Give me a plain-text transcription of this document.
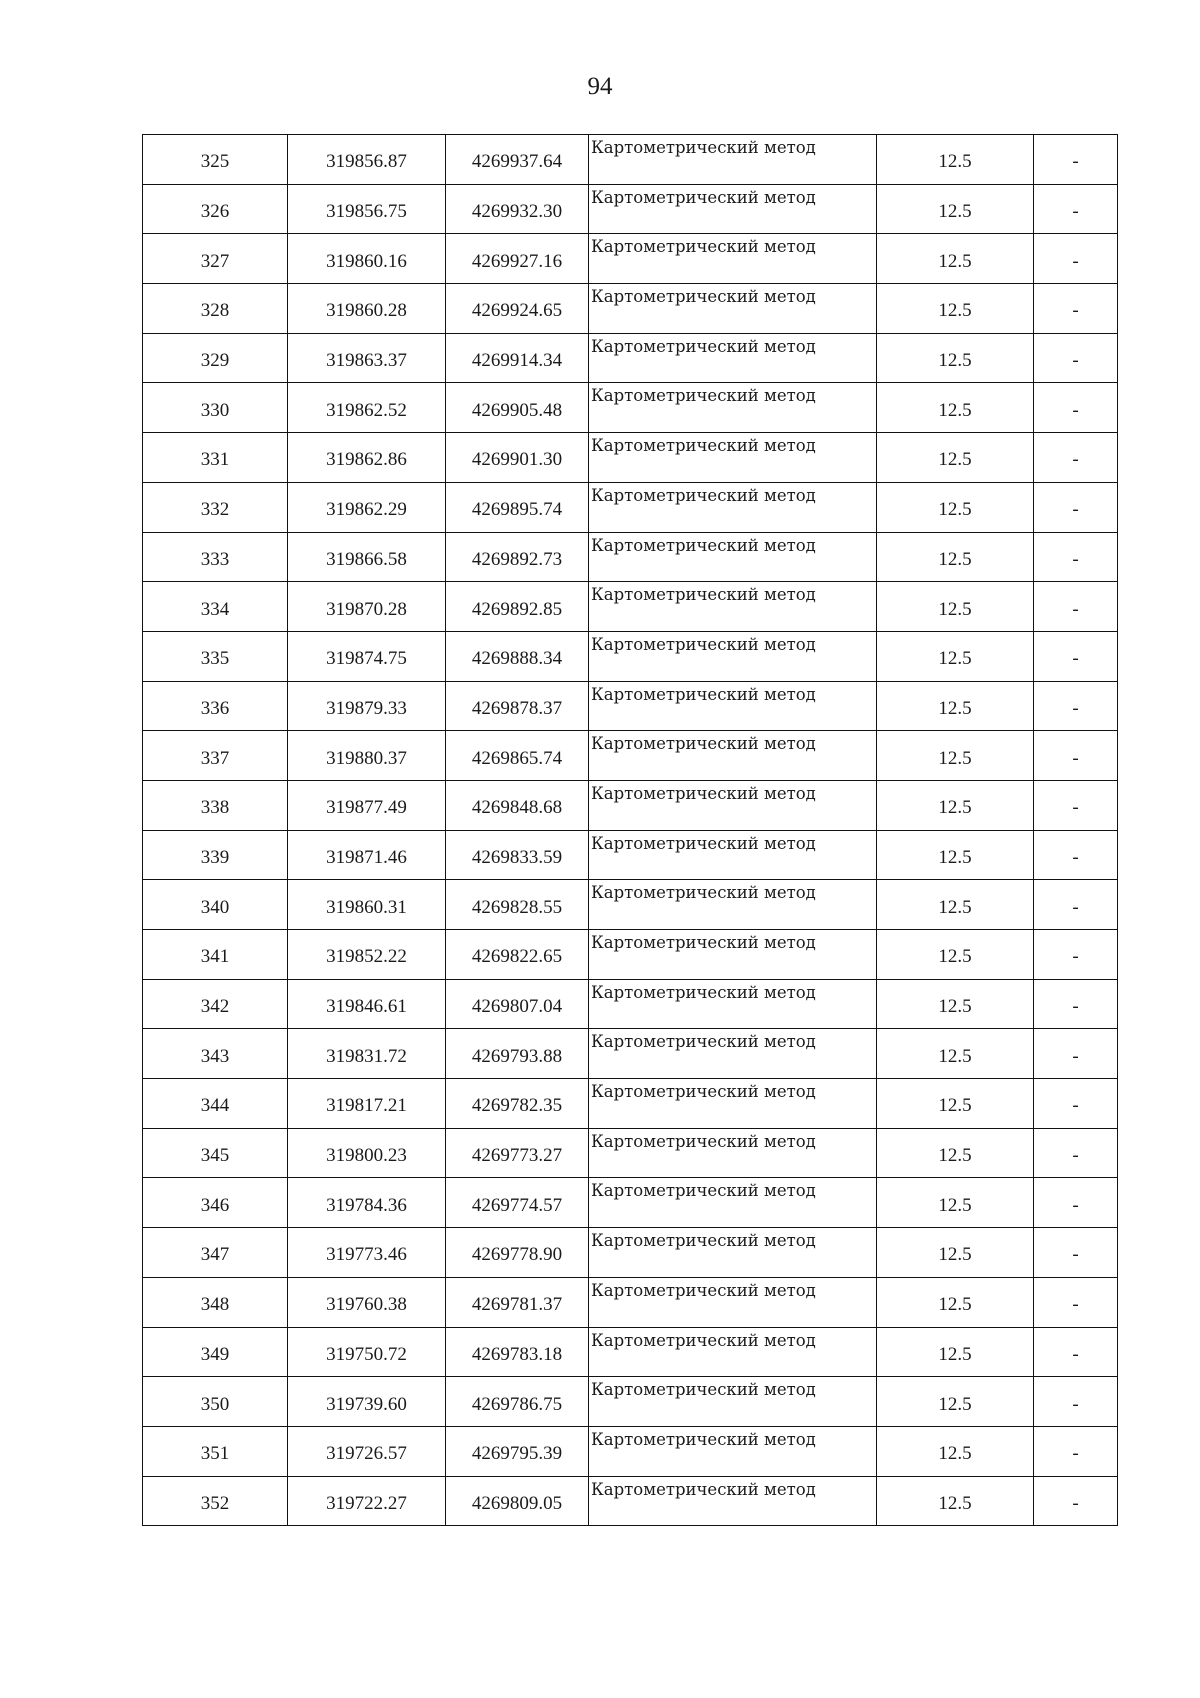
94
325	319856.87	4269937.64	Картометрический метод	12.5	-
326	319856.75	4269932.30	Картометрический метод	12.5	-
327	319860.16	4269927.16	Картометрический метод	12.5	-
328	319860.28	4269924.65	Картометрический метод	12.5	-
329	319863.37	4269914.34	Картометрический метод	12.5	-
330	319862.52	4269905.48	Картометрический метод	12.5	-
331	319862.86	4269901.30	Картометрический метод	12.5	-
332	319862.29	4269895.74	Картометрический метод	12.5	-
333	319866.58	4269892.73	Картометрический метод	12.5	-
334	319870.28	4269892.85	Картометрический метод	12.5	-
335	319874.75	4269888.34	Картометрический метод	12.5	-
336	319879.33	4269878.37	Картометрический метод	12.5	-
337	319880.37	4269865.74	Картометрический метод	12.5	-
338	319877.49	4269848.68	Картометрический метод	12.5	-
339	319871.46	4269833.59	Картометрический метод	12.5	-
340	319860.31	4269828.55	Картометрический метод	12.5	-
341	319852.22	4269822.65	Картометрический метод	12.5	-
342	319846.61	4269807.04	Картометрический метод	12.5	-
343	319831.72	4269793.88	Картометрический метод	12.5	-
344	319817.21	4269782.35	Картометрический метод	12.5	-
345	319800.23	4269773.27	Картометрический метод	12.5	-
346	319784.36	4269774.57	Картометрический метод	12.5	-
347	319773.46	4269778.90	Картометрический метод	12.5	-
348	319760.38	4269781.37	Картометрический метод	12.5	-
349	319750.72	4269783.18	Картометрический метод	12.5	-
350	319739.60	4269786.75	Картометрический метод	12.5	-
351	319726.57	4269795.39	Картометрический метод	12.5	-
352	319722.27	4269809.05	Картометрический метод	12.5	-
